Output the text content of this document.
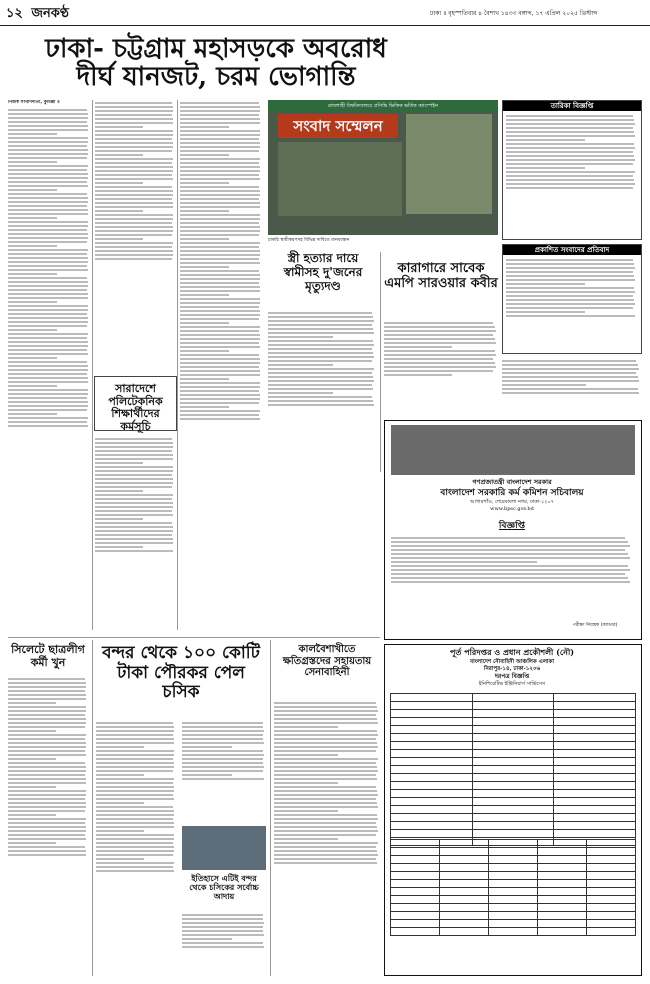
১২ জনকণ্ঠ	ঢাকা ॥ বৃহস্পতিবার ৪ বৈশাখ ১৪৩৩ বঙ্গাব্দ, ১৭ এপ্রিল ২০২৫ খ্রিস্টাব্দ
ঢাকা- চট্টগ্রাম মহাসড়কে অবরোধ
দীর্ঘ যানজট, চরম ভোগান্তি
নিজস্ব সংবাদদাতা, কুমিল্লা ॥
সারাদেশে পলিটেকনিক শিক্ষার্থীদের কর্মসূচি
রাজশাহী বিশ্ববিদ্যালয়ে প্রসিদ্ধি ভিত্তিক ভর্তিক ক্যাম্পেইন
সংবাদ সম্মেলন
চাকরি স্থায়ীকরণসহ বিভিন্ন দাবিতে মানববন্ধন
তারিকা বিজ্ঞপ্তি
প্রকাশিত সংবাদের প্রতিবাদ
স্ত্রী হত্যার দায়ে স্বামীসহ দু'জনের মৃত্যুদণ্ড
কারাগারে সাবেক এমপি সারওয়ার কবীর
গণপ্রজাতন্ত্রী বাংলাদেশ সরকার
বাংলাদেশ সরকারি কর্ম কমিশন সচিবালয়
আগারগাঁও, শেরেবাংলা নগর, ঢাকা-১২০৭
www.bpsc.gov.bd
বিজ্ঞপ্তি
পরীক্ষা নিয়ন্ত্রক (ক্যাডার)
সিলেটে ছাত্রলীগ কর্মী খুন	বন্দর থেকে ১০০ কোটি টাকা পৌরকর পেল চসিক
ইতিহাসে এটিই বন্দর থেকে চসিকের সর্বোচ্চ আদায়
কালবৈশাখীতে ক্ষতিগ্রস্তদের সহায়তায় সেনাবাহিনী
পূর্ত পরিদপ্তর ও প্রধান প্রকৌশলী (নৌ)
বাংলাদেশ নৌবাহিনী আঞ্চলিক এলাকা
নিরাপুর-১৪, ঢাকা-১২০৬
দরপত্র বিজ্ঞপ্তি
ইনিশিয়েটিভ ইঞ্জিনিয়ার্স সার্ভিসেস
